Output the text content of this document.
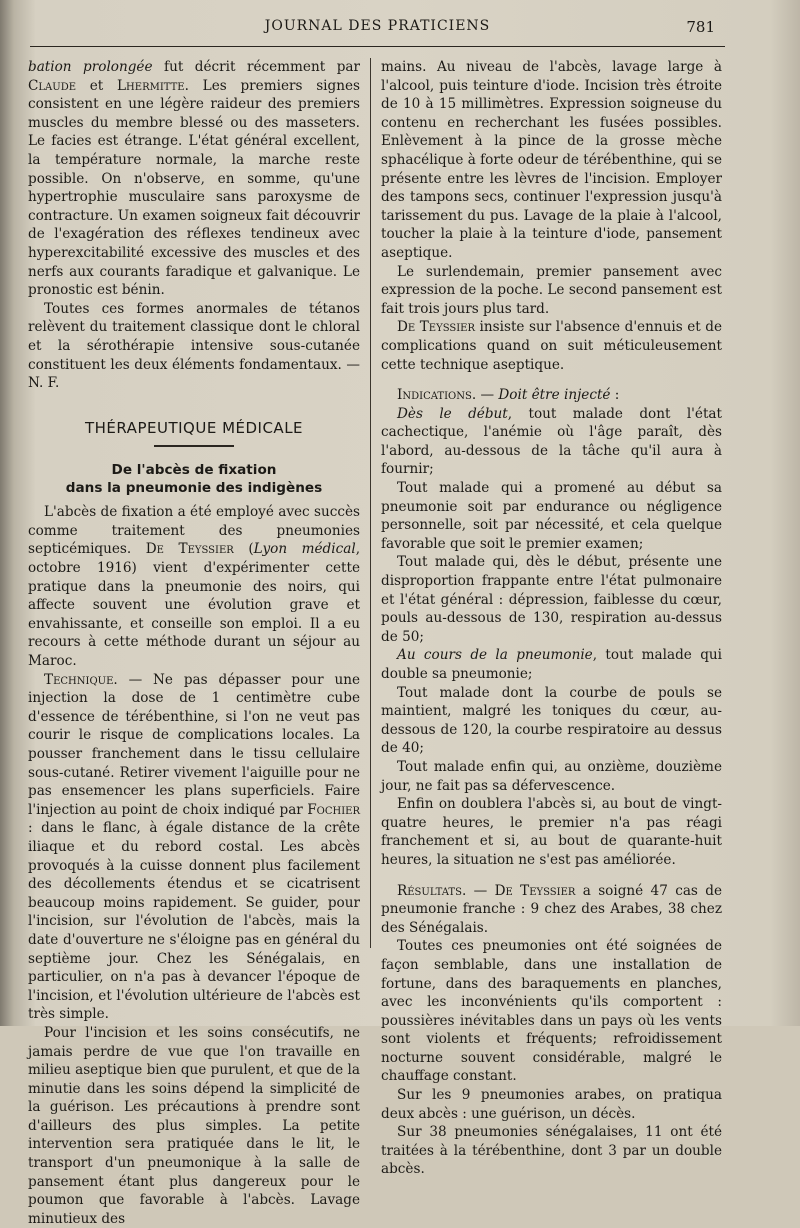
JOURNAL DES PRATICIENS	781

bation prolongée fut décrit récemment par Claude et Lhermitte. Les premiers signes consistent en une légère raideur des premiers muscles du membre blessé ou des masseters. Le facies est étrange. L'état général excellent, la température normale, la marche reste possible. On n'observe, en somme, qu'une hypertrophie musculaire sans paroxysme de contracture. Un examen soigneux fait découvrir de l'exagération des réflexes tendineux avec hyperexcitabilité excessive des muscles et des nerfs aux courants faradique et galvanique. Le pronostic est bénin.

Toutes ces formes anormales de tétanos relèvent du traitement classique dont le chloral et la sérothérapie intensive sous-cutanée constituent les deux éléments fondamentaux. — N. F.

THÉRAPEUTIQUE MÉDICALE
De l'abcès de fixation
dans la pneumonie des indigènes

L'abcès de fixation a été employé avec succès comme traitement des pneumonies septicémiques. De Teyssier (Lyon médical, octobre 1916) vient d'expérimenter cette pratique dans la pneumonie des noirs, qui affecte souvent une évolution grave et envahissante, et conseille son emploi. Il a eu recours à cette méthode durant un séjour au Maroc.

Technique. — Ne pas dépasser pour une injection la dose de 1 centimètre cube d'essence de térébenthine, si l'on ne veut pas courir le risque de complications locales. La pousser franchement dans le tissu cellulaire sous-cutané. Retirer vivement l'aiguille pour ne pas ensemencer les plans superficiels. Faire l'injection au point de choix indiqué par Fochier : dans le flanc, à égale distance de la crête iliaque et du rebord costal. Les abcès provoqués à la cuisse donnent plus facilement des décollements étendus et se cicatrisent beaucoup moins rapidement. Se guider, pour l'incision, sur l'évolution de l'abcès, mais la date d'ouverture ne s'éloigne pas en général du septième jour. Chez les Sénégalais, en particulier, on n'a pas à devancer l'époque de l'incision, et l'évolution ultérieure de l'abcès est très simple.

Pour l'incision et les soins consécutifs, ne jamais perdre de vue que l'on travaille en milieu aseptique bien que purulent, et que de la minutie dans les soins dépend la simplicité de la guérison. Les précautions à prendre sont d'ailleurs des plus simples. La petite intervention sera pratiquée dans le lit, le transport d'un pneumonique à la salle de pansement étant plus dangereux pour le poumon que favorable à l'abcès. Lavage minutieux des

mains. Au niveau de l'abcès, lavage large à l'alcool, puis teinture d'iode. Incision très étroite de 10 à 15 millimètres. Expression soigneuse du contenu en recherchant les fusées possibles. Enlèvement à la pince de la grosse mèche sphacélique à forte odeur de térébenthine, qui se présente entre les lèvres de l'incision. Employer des tampons secs, continuer l'expression jusqu'à tarissement du pus. Lavage de la plaie à l'alcool, toucher la plaie à la teinture d'iode, pansement aseptique.

Le surlendemain, premier pansement avec expression de la poche. Le second pansement est fait trois jours plus tard.

De Teyssier insiste sur l'absence d'ennuis et de complications quand on suit méticuleusement cette technique aseptique.

Indications. — Doit être injecté :

Dès le début, tout malade dont l'état cachectique, l'anémie où l'âge paraît, dès l'abord, au-dessous de la tâche qu'il aura à fournir;

Tout malade qui a promené au début sa pneumonie soit par endurance ou négligence personnelle, soit par nécessité, et cela quelque favorable que soit le premier examen;

Tout malade qui, dès le début, présente une disproportion frappante entre l'état pulmonaire et l'état général : dépression, faiblesse du cœur, pouls au-dessous de 130, respiration au-dessus de 50;

Au cours de la pneumonie, tout malade qui double sa pneumonie;

Tout malade dont la courbe de pouls se maintient, malgré les toniques du cœur, au-dessous de 120, la courbe respiratoire au dessus de 40;

Tout malade enfin qui, au onzième, douzième jour, ne fait pas sa défervescence.

Enfin on doublera l'abcès si, au bout de vingt-quatre heures, le premier n'a pas réagi franchement et si, au bout de quarante-huit heures, la situation ne s'est pas améliorée.

Résultats. — De Teyssier a soigné 47 cas de pneumonie franche : 9 chez des Arabes, 38 chez des Sénégalais.

Toutes ces pneumonies ont été soignées de façon semblable, dans une installation de fortune, dans des baraquements en planches, avec les inconvénients qu'ils comportent : poussières inévitables dans un pays où les vents sont violents et fréquents; refroidissement nocturne souvent considérable, malgré le chauffage constant.

Sur les 9 pneumonies arabes, on pratiqua deux abcès : une guérison, un décès.

Sur 38 pneumonies sénégalaises, 11 ont été traitées à la térébenthine, dont 3 par un double abcès.
